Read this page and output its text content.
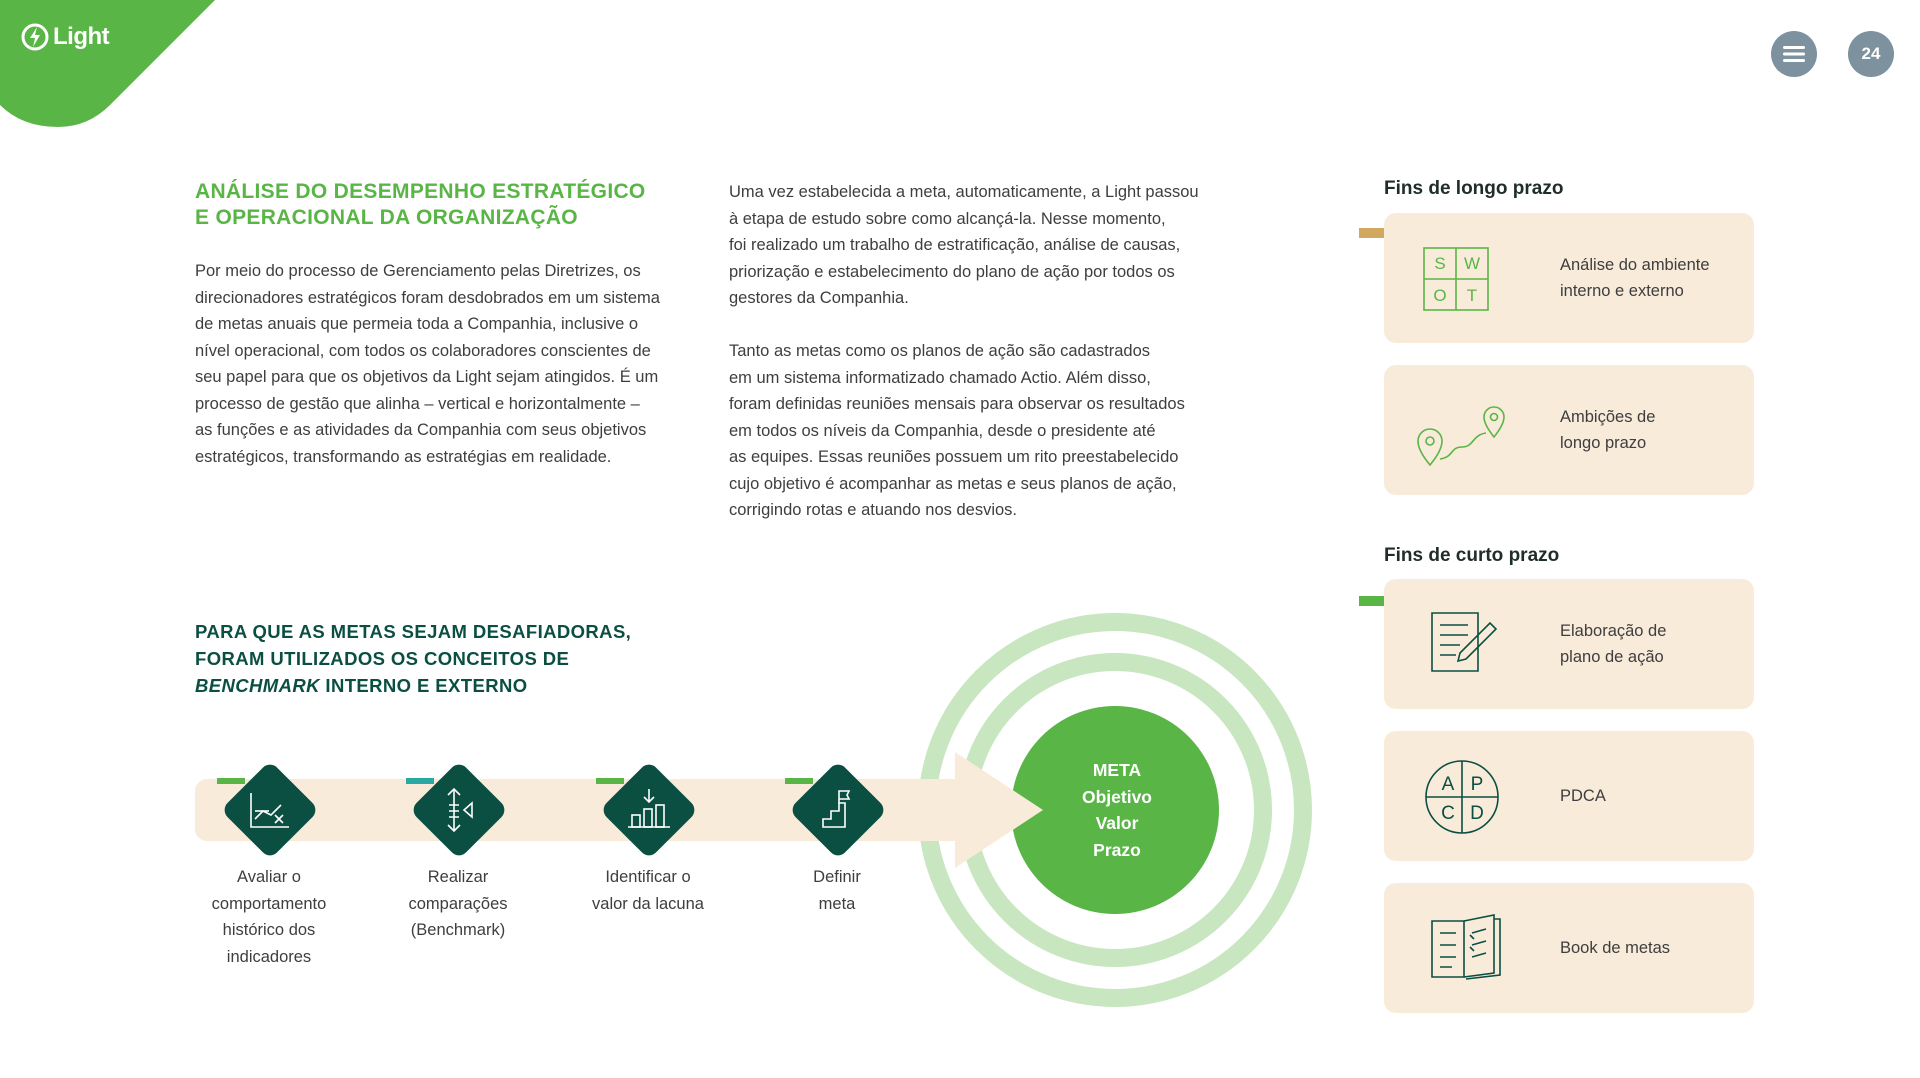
Light
24
ANÁLISE DO DESEMPENHO ESTRATÉGICO
E OPERACIONAL DA ORGANIZAÇÃO
Por meio do processo de Gerenciamento pelas Diretrizes, os
direcionadores estratégicos foram desdobrados em um sistema
de metas anuais que permeia toda a Companhia, inclusive o
nível operacional, com todos os colaboradores conscientes de
seu papel para que os objetivos da Light sejam atingidos. É um
processo de gestão que alinha – vertical e horizontalmente –
as funções e as atividades da Companhia com seus objetivos
estratégicos, transformando as estratégias em realidade.
Uma vez estabelecida a meta, automaticamente, a Light passou
à etapa de estudo sobre como alcançá-la. Nesse momento,
foi realizado um trabalho de estratificação, análise de causas,
priorização e estabelecimento do plano de ação por todos os
gestores da Companhia.
Tanto as metas como os planos de ação são cadastrados
em um sistema informatizado chamado Actio. Além disso,
foram definidas reuniões mensais para observar os resultados
em todos os níveis da Companhia, desde o presidente até
as equipes. Essas reuniões possuem um rito preestabelecido
cujo objetivo é acompanhar as metas e seus planos de ação,
corrigindo rotas e atuando nos desvios.
PARA QUE AS METAS SEJAM DESAFIADORAS,
FORAM UTILIZADOS OS CONCEITOS DE
BENCHMARK INTERNO E EXTERNO
META
Objetivo
Valor
Prazo
Avaliar o
comportamento
histórico dos
indicadores
Realizar
comparações
(Benchmark)
Identificar o
valor da lacuna
Definir
meta
Fins de longo prazo
S W
O T
Análise do ambiente
interno e externo
Ambições de
longo prazo
Fins de curto prazo
Elaboração de
plano de ação
A P
C D
PDCA
Book de metas
